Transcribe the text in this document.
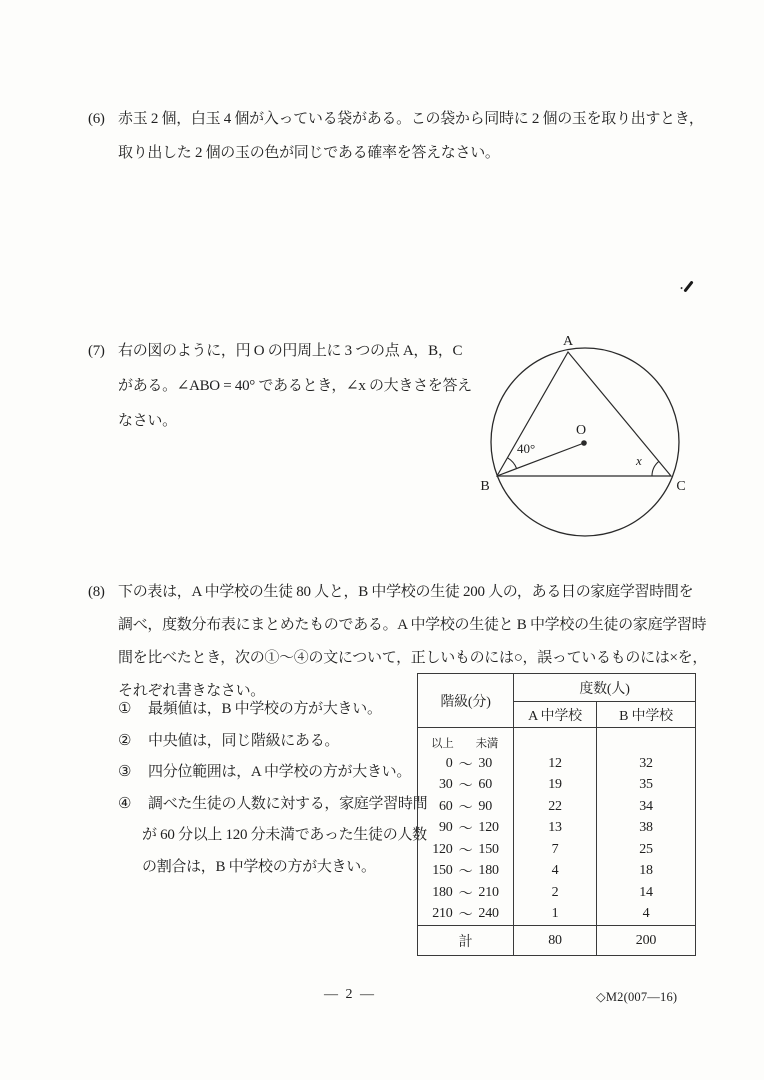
(6) 赤玉 2 個，白玉 4 個が入っている袋がある。この袋から同時に 2 個の玉を取り出すとき，
取り出した 2 個の玉の色が同じである確率を答えなさい。
(7) 右の図のように，円 O の円周上に 3 つの点 A，B，C
がある。∠ABO = 40° であるとき，∠x の大きさを答え
なさい。
A
B	C
O
40°
x
(8) 下の表は，A 中学校の生徒 80 人と，B 中学校の生徒 200 人の，ある日の家庭学習時間を
調べ，度数分布表にまとめたものである。A 中学校の生徒と B 中学校の生徒の家庭学習時
間を比べたとき，次の①～④の文について，正しいものには○，誤っているものには×を，
それぞれ書きなさい。
① 最頻値は，B 中学校の方が大きい。
② 中央値は，同じ階級にある。
③ 四分位範囲は，A 中学校の方が大きい。
④ 調べた生徒の人数に対する，家庭学習時間
が 60 分以上 120 分未満であった生徒の人数
の割合は，B 中学校の方が大きい。
階級(分)	度数(人)	
	A 中学校	B 中学校

以上 未満		

0 ～ 30	12	32

30 ～ 60	19	35

60 ～ 90	22	34

90 ～ 120	13	38

120 ～ 150	7	25

150 ～ 180	4	18

180 ～ 210	2	14

210 ～ 240	1	4
計	80	200
— 2 —	◇M2(007—16)
